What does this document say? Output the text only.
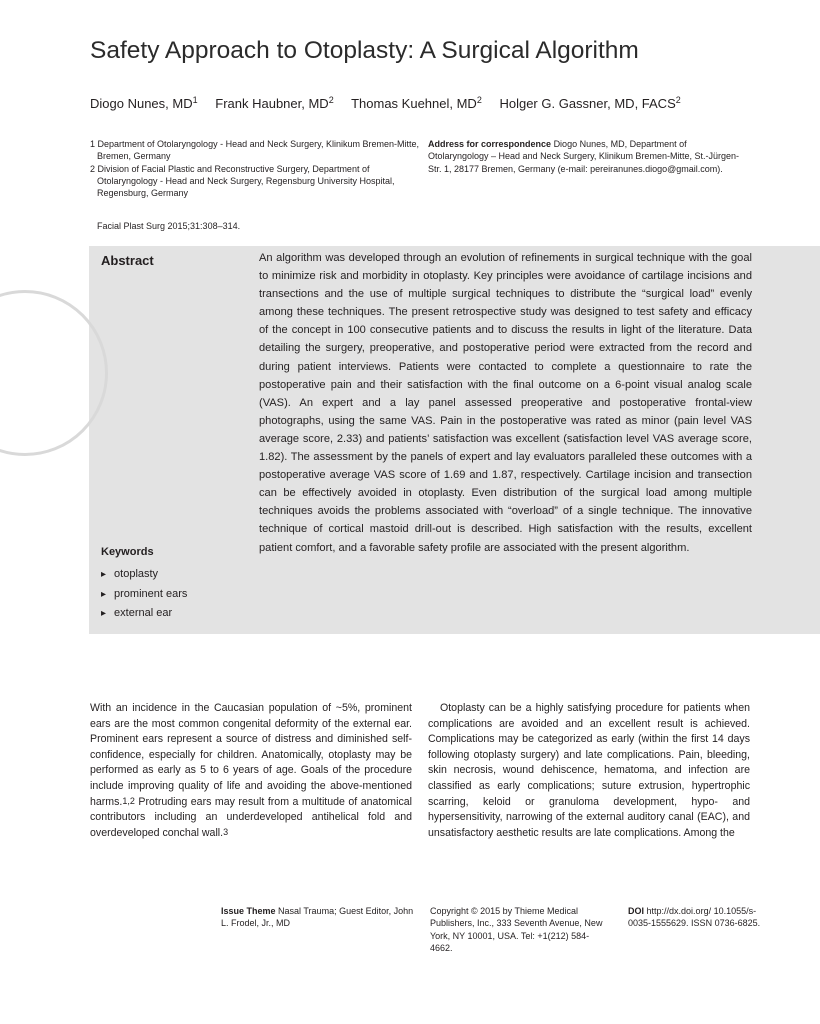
Safety Approach to Otoplasty: A Surgical Algorithm
Diogo Nunes, $MD^1$ Frank Haubner, $MD^2$ Thomas Kuehnel, $MD^2$ Holger G. Gassner, MD, FACS$^2$

1 Department of Otolaryngology - Head and Neck Surgery, Klinikum Bremen-Mitte, Bremen, Germany

2 Division of Facial Plastic and Reconstructive Surgery, Department of Otolaryngology - Head and Neck Surgery, Regensburg University Hospital, Regensburg, Germany

Address for correspondence Diogo Nunes, MD, Department of Otolaryngology – Head and Neck Surgery, Klinikum Bremen-Mitte, St.-Jürgen-Str. 1, 28177 Bremen, Germany (e-mail: pereiranunes.diogo@gmail.com).
Facial Plast Surg 2015;31:308–314.
Abstract	An algorithm was developed through an evolution of refinements in surgical technique with the goal to minimize risk and morbidity in otoplasty. Key principles were avoidance of cartilage incisions and transections and the use of multiple surgical techniques to distribute the “surgical load” evenly among these techniques. The present retrospective study was designed to test safety and efficacy of the concept in 100 consecutive patients and to discuss the results in light of the literature. Data detailing the surgery, preoperative, and postoperative period were extracted from the record and during patient interviews. Patients were contacted to complete a questionnaire to rate the postoperative pain and their satisfaction with the final outcome on a 6-point visual analog scale (VAS). An expert and a lay panel assessed preoperative and postoperative frontal-view photographs, using the same VAS. Pain in the postoperative was rated as minor (pain level VAS average score, 2.33) and patients’ satisfaction was excellent (satisfaction level VAS average score, 1.82). The assessment by the panels of expert and lay evaluators paralleled these outcomes with a postoperative average VAS score of 1.69 and 1.87, respectively. Cartilage incision and transection can be effectively avoided in otoplasty. Even distribution of the surgical load among multiple techniques avoids the problems associated with “overload” of a single technique. The innovative technique of cortical mastoid drill-out is described. High satisfaction with the results, excellent patient comfort, and a favorable safety profile are associated with the present algorithm.
Keywords
▸ otoplasty
▸ prominent ears
▸ external ear

With an incidence in the Caucasian population of ~5%, prominent ears are the most common congenital deformity of the external ear. Prominent ears represent a source of distress and diminished self-confidence, especially for children. Anatomically, otoplasty may be performed as early as 5 to 6 years of age. Goals of the procedure include improving quality of life and avoiding the above-mentioned harms.$^{1,2}$ Protruding ears may result from a multitude of anatomical contributors including an underdeveloped antihelical fold and overdeveloped conchal wall.$^3$

Otoplasty can be a highly satisfying procedure for patients when complications are avoided and an excellent result is achieved. Complications may be categorized as early (within the first 14 days following otoplasty surgery) and late complications. Pain, bleeding, skin necrosis, wound dehiscence, hematoma, and infection are classified as early complications; suture extrusion, hypertrophic scarring, keloid or granuloma development, hypo- and hypersensitivity, narrowing of the external auditory canal (EAC), and unsatisfactory aesthetic results are late complications. Among the

Issue Theme Nasal Trauma; Guest Editor, John L. Frodel, Jr., MD
Copyright © 2015 by Thieme Medical Publishers, Inc., 333 Seventh Avenue, New York, NY 10001, USA. Tel: +1(212) 584-4662.
DOI http://dx.doi.org/ 10.1055/s-0035-1555629. ISSN 0736-6825.
